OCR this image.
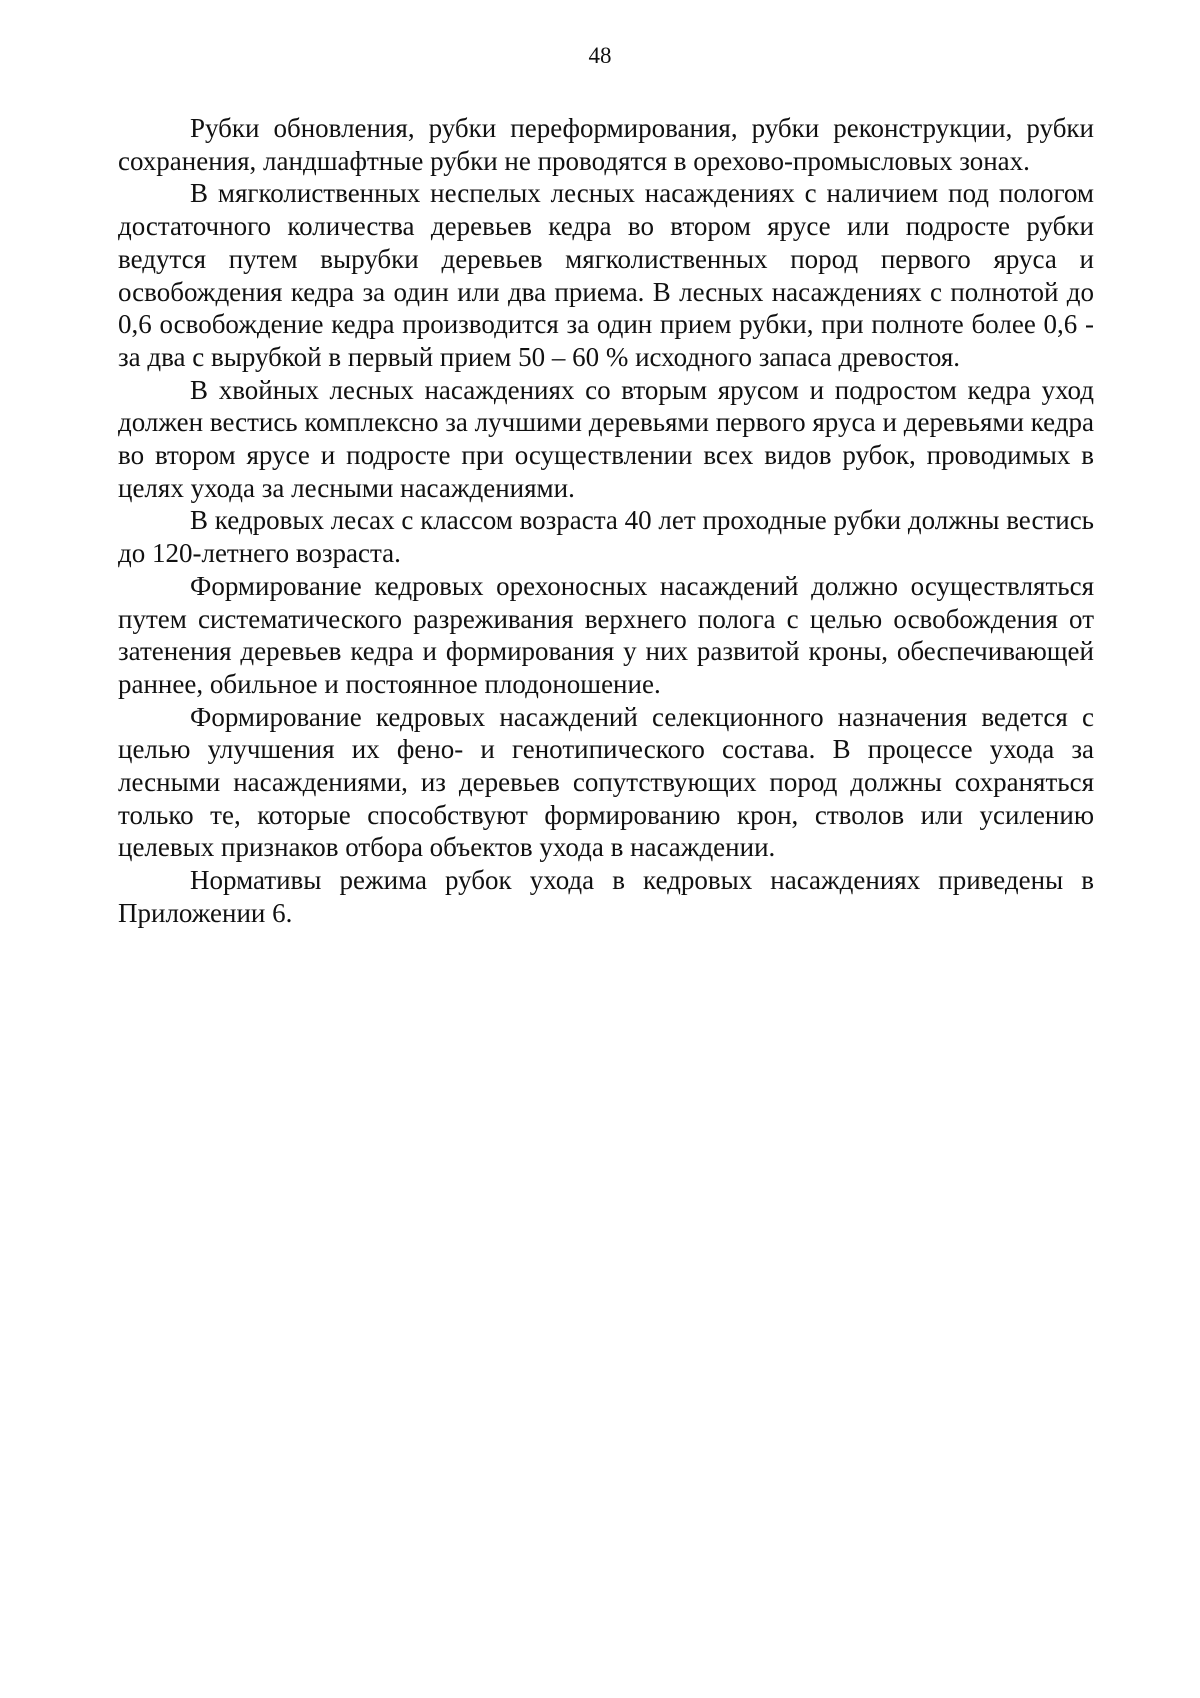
48

Рубки обновления, рубки переформирования, рубки реконструкции, рубки сохранения, ландшафтные рубки не проводятся в орехово-промысловых зонах.

В мягколиственных неспелых лесных насаждениях с наличием под пологом достаточного количества деревьев кедра во втором ярусе или подросте рубки ведутся путем вырубки деревьев мягколиственных пород первого яруса и освобождения кедра за один или два приема. В лесных насаждениях с полнотой до 0,6 освобождение кедра производится за один прием рубки, при полноте более 0,6 - за два с вырубкой в первый прием 50 – 60 % исходного запаса древостоя.

В хвойных лесных насаждениях со вторым ярусом и подростом кедра уход должен вестись комплексно за лучшими деревьями первого яруса и деревьями кедра во втором ярусе и подросте при осуществлении всех видов рубок, проводимых в целях ухода за лесными насаждениями.

В кедровых лесах с классом возраста 40 лет проходные рубки должны вестись до 120-летнего возраста.

Формирование кедровых орехоносных насаждений должно осуществляться путем систематического разреживания верхнего полога с целью освобождения от затенения деревьев кедра и формирования у них развитой кроны, обеспечивающей раннее, обильное и постоянное плодоношение.

Формирование кедровых насаждений селекционного назначения ведется с целью улучшения их фено- и генотипического состава. В процессе ухода за лесными насаждениями, из деревьев сопутствующих пород должны сохраняться только те, которые способствуют формированию крон, стволов или усилению целевых признаков отбора объектов ухода в насаждении.

Нормативы режима рубок ухода в кедровых насаждениях приведены в Приложении 6.
